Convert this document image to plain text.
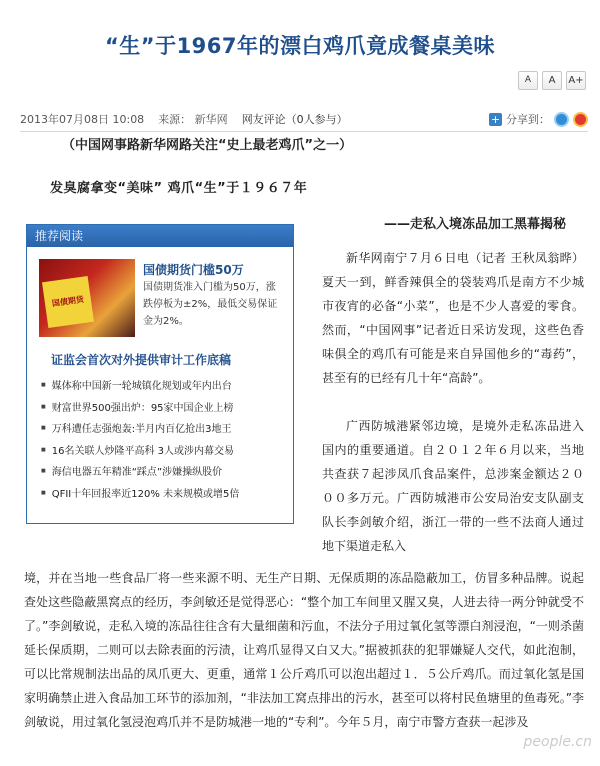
“生”于1967年的漂白鸡爪竟成餐桌美味
A	A	A+
2013年07月08日 10:08 来源： 新华网 网友评论（0人参与）	+ 分享到：
（中国网事路新华网路关注“史上最老鸡爪”之一）
发臭腐拿变“美味” 鸡爪“生”于１９６７年
——走私入境冻品加工黑幕揭秘
推荐阅读
国债期货
国债期货门槛50万
国债期货准入门槛为50万，涨跌停板为±2%，最低交易保证金为2%。
证监会首次对外提供审计工作底稿
■ 媒体称中国新一轮城镇化规划或年内出台
■ 财富世界500强出炉：95家中国企业上榜
■ 万科遭任志强炮轰:半月内百亿抢出3地王
■ 16名关联人炒隆平高科 3人或涉内幕交易
■ 海信电器五年精准“踩点”涉嫌操纵股价
■ QFII十年回报率近120% 未来规模或增5倍

新华网南宁７月６日电（记者 王秋凤翁晔） 夏天一到，鲜香辣俱全的袋装鸡爪是南方不少城市夜宵的必备“小菜”，也是不少人喜爱的零食。然而，“中国网事”记者近日采访发现，这些色香味俱全的鸡爪有可能是来自异国他乡的“毒药”，甚至有的已经有几十年“高龄”。

广西防城港紧邻边境，是境外走私冻品进入国内的重要通道。自２０１２年６月以来，当地共查获７起涉凤爪食品案件，总涉案金额达２０００多万元。广西防城港市公安局治安支队副支队长李剑敏介绍，浙江一带的一些不法商人通过地下渠道走私入

境，并在当地一些食品厂将一些来源不明、无生产日期、无保质期的冻品隐蔽加工，仿冒多种品牌。说起查处这些隐蔽黑窝点的经历，李剑敏还是觉得恶心：“整个加工车间里又腥又臭，人进去待一两分钟就受不了。”李剑敏说，走私入境的冻品往往含有大量细菌和污血，不法分子用过氧化氢等漂白剂浸泡，“一则杀菌延长保质期，二则可以去除表面的污渍，让鸡爪显得又白又大。”据被抓获的犯罪嫌疑人交代，如此泡制，可以比常规制法出品的凤爪更大、更重，通常１公斤鸡爪可以泡出超过１．５公斤鸡爪。而过氧化氢是国家明确禁止进入食品加工环节的添加剂，“非法加工窝点排出的污水，甚至可以将村民鱼塘里的鱼毒死。”李剑敏说，用过氧化氢浸泡鸡爪并不是防城港一地的“专利”。今年５月，南宁市警方查获一起涉及
people.cn
